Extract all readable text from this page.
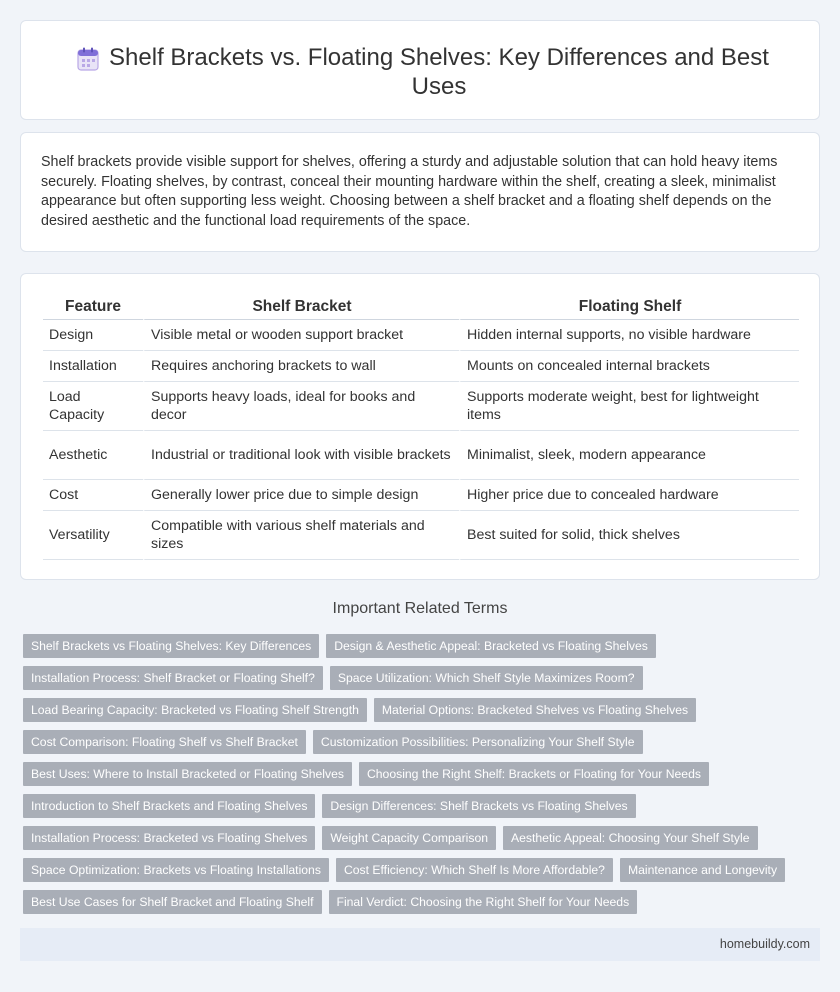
Shelf Brackets vs. Floating Shelves: Key Differences and Best Uses

Shelf brackets provide visible support for shelves, offering a sturdy and adjustable solution that can hold heavy items securely. Floating shelves, by contrast, conceal their mounting hardware within the shelf, creating a sleek, minimalist appearance but often supporting less weight. Choosing between a shelf bracket and a floating shelf depends on the desired aesthetic and the functional load requirements of the space.

Feature	Shelf Bracket	Floating Shelf
Design	Visible metal or wooden support bracket	Hidden internal supports, no visible hardware
Installation	Requires anchoring brackets to wall	Mounts on concealed internal brackets
Load Capacity	Supports heavy loads, ideal for books and decor	Supports moderate weight, best for lightweight items
Aesthetic	Industrial or traditional look with visible brackets	Minimalist, sleek, modern appearance
Cost	Generally lower price due to simple design	Higher price due to concealed hardware
Versatility	Compatible with various shelf materials and sizes	Best suited for solid, thick shelves
Important Related Terms
Shelf Brackets vs Floating Shelves: Key Differences	Design & Aesthetic Appeal: Bracketed vs Floating Shelves
Installation Process: Shelf Bracket or Floating Shelf?	Space Utilization: Which Shelf Style Maximizes Room?
Load Bearing Capacity: Bracketed vs Floating Shelf Strength	Material Options: Bracketed Shelves vs Floating Shelves
Cost Comparison: Floating Shelf vs Shelf Bracket	Customization Possibilities: Personalizing Your Shelf Style
Best Uses: Where to Install Bracketed or Floating Shelves	Choosing the Right Shelf: Brackets or Floating for Your Needs
Introduction to Shelf Brackets and Floating Shelves	Design Differences: Shelf Brackets vs Floating Shelves
Installation Process: Bracketed vs Floating Shelves	Weight Capacity Comparison	Aesthetic Appeal: Choosing Your Shelf Style
Space Optimization: Brackets vs Floating Installations	Cost Efficiency: Which Shelf Is More Affordable?	Maintenance and Longevity
Best Use Cases for Shelf Bracket and Floating Shelf	Final Verdict: Choosing the Right Shelf for Your Needs
homebuildy.com
